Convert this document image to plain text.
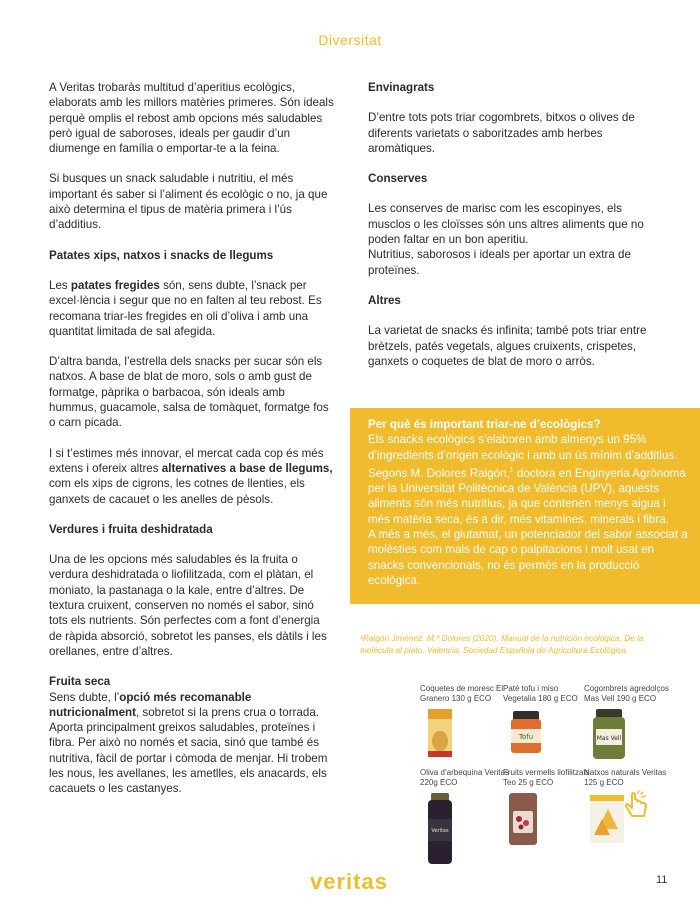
Diversitat

A Veritas trobaràs multitud d’aperitius ecològics, elaborats amb les millors matèries primeres. Són ideals perquè omplis el rebost amb opcions més saludables però igual de saboroses, ideals per gaudir d’un diumenge en família o emportar-te a la feina.

Si busques un snack saludable i nutritiu, el més important és saber si l’aliment és ecològic o no, ja que això determina el tipus de matèria primera i l’ús d’additius.

Patates xips, natxos i snacks de llegums

Les patates fregides són, sens dubte, l’snack per excel·lència i segur que no en falten al teu rebost. Es recomana triar-les fregides en oli d’oliva i amb una quantitat limitada de sal afegida.

D’altra banda, l’estrella dels snacks per sucar són els natxos. A base de blat de moro, sols o amb gust de formatge, pàprika o barbacoa, són ideals amb hummus, guacamole, salsa de tomàquet, formatge fos o carn picada.

I si t’estimes més innovar, el mercat cada cop és més extens i ofereix altres alternatives a base de llegums, com els xips de cigrons, les cotnes de llenties, els ganxets de cacauet o les anelles de pèsols.

Verdures i fruita deshidratada

Una de les opcions més saludables és la fruita o verdura deshidratada o liofilitzada, com el plàtan, el moniato, la pastanaga o la kale, entre d’altres. De textura cruixent, conserven no només el sabor, sinó tots els nutrients. Són perfectes com a font d’energia de ràpida absorció, sobretot les panses, els dàtils i les orellanes, entre d’altres.

Fruita seca

Sens dubte, l’opció més recomanable nutricionalment, sobretot si la prens crua o torrada. Aporta principalment greixos saludables, proteïnes i fibra. Per això no només et sacia, sinó que també és nutritiva, fàcil de portar i còmoda de menjar. Hi trobem les nous, les avellanes, les ametlles, els anacards, els cacauets o les castanyes.

Envinagrats

D’entre tots pots triar cogombrets, bitxos o olives de diferents varietats o saboritzades amb herbes aromàtiques.

Conserves

Les conserves de marisc com les escopinyes, els musclos o les cloïsses són uns altres aliments que no poden faltar en un bon aperitiu.

Nutritius, saborosos i ideals per aportar un extra de proteïnes.

Altres

La varietat de snacks és infinita; també pots triar entre brètzels, patés vegetals, algues cruixents, crispetes, ganxets o coquetes de blat de moro o arròs.

Per què és important triar-ne d’ecològics?
Els snacks ecològics s’elaboren amb almenys un 95% d’ingredients d’origen ecològic i amb un ús mínim d’additius. Segons M. Dolores Raigón,$^1$ doctora en Enginyeria Agrònoma per la Universitat Politècnica de València (UPV), aquests aliments són més nutritius, ja que contenen menys aigua i més matèria seca, és a dir, més vitamines, minerals i fibra.
A més a més, el glutamat, un potenciador del sabor associat a molèsties com mals de cap o palpitacions i molt usat en snacks convencionals, no és permès en la producció ecològica.
¹Raigón Jiménez, M.ª Dolores (2020). Manual de la nutrición ecológica. De la molécula al plato. Valencia, Sociedad Española de Agricultura Ecológica.
Coquetes de moresc El Granero 130 g ECO
Paté tofu i miso Vegetalia 180 g ECO
Tofu
Cogombrets agredolços Mas Vell 190 g ECO
Mas Vell
Oliva d’arbequina Veritas 220g ECO
Veritas
Fruits vermells liofilitzats Teo 25 g ECO
Natxos naturals Veritas 125 g ECO
veritas	11
